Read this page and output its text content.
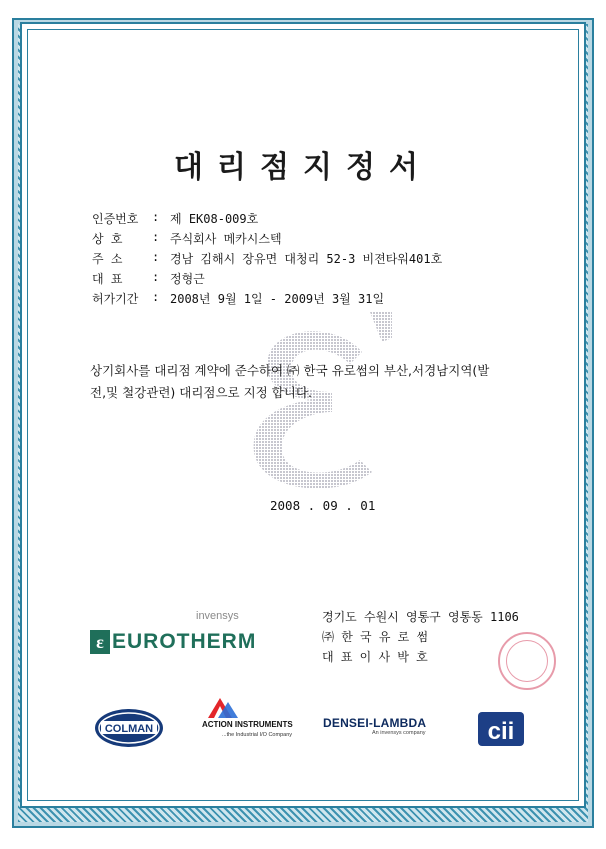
대리점지정서
인증번호	: 제 EK08-009호
상 호	: 주식회사 메카시스텍
주 소	: 경남 김해시 장유면 대청리 52-3 비젼타워401호
대 표	: 정형근
허가기간	: 2008년 9월 1일 - 2009년 3월 31일
상기회사를 대리점 계약에 준수하여 ㈜ 한국 유로썸의 부산,서경남지역(발
전,및 철강관련) 대리점으로 지정 합니다.
2008 . 09 . 01
경기도 수원시 영통구 영통동 1106
㈜ 한 국 유 로 썸
대 표 이 사 박 호
ε
invensys
EUROTHERM
COLMAN	ACTION INSTRUMENTS
...the Industrial I/O Company
DENSEI-LAMBDA
An invensys company	cii
